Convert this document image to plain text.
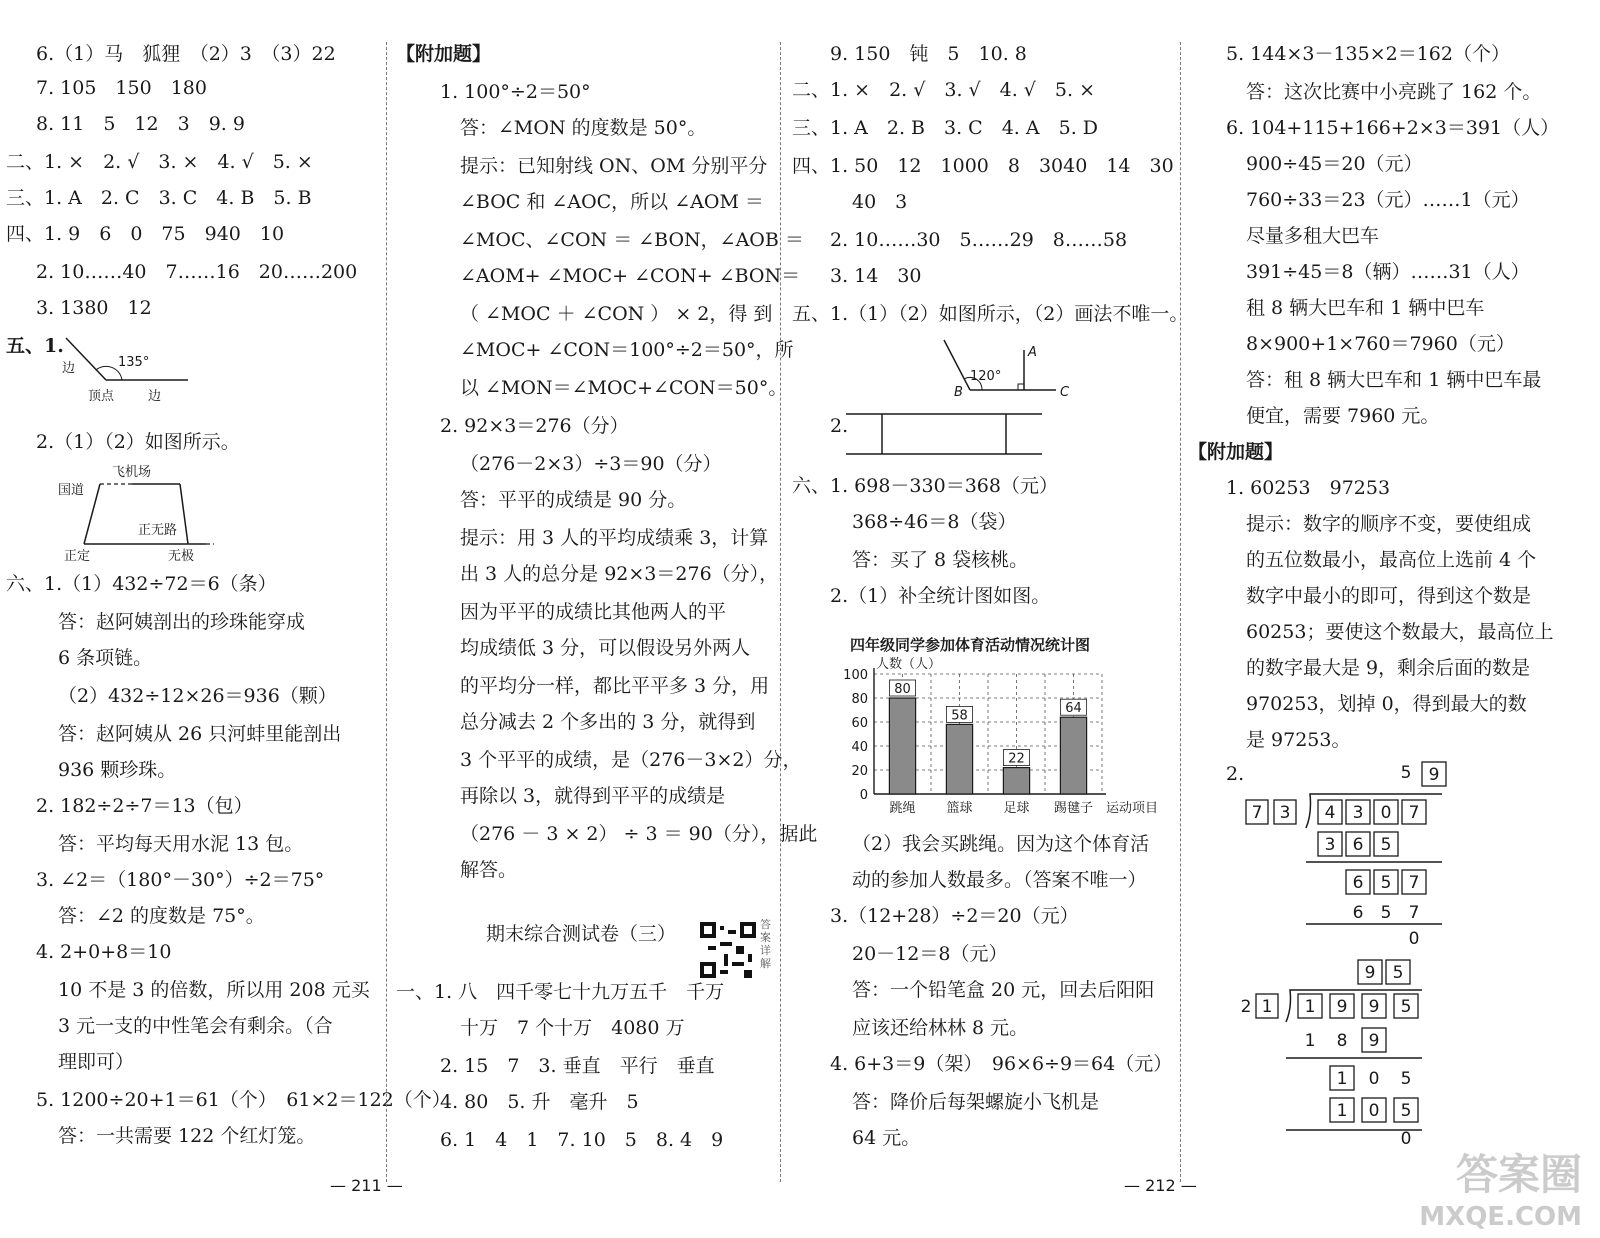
6.（1）马　狐狸　（2）3　（3）22
7. 105　150　180
8. 11　5　12　3　9. 9
二、1. ×　2. √　3. ×　4. √　5. ×
三、1. A　2. C　3. C　4. B　5. B
四、1. 9　6　0　75　940　10
2. 10……40　7……16　20……200
3. 1380　12
五、1.
2.（1）（2）如图所示。
六、1.（1）432÷72＝6（条）
答：赵阿姨剖出的珍珠能穿成
6 条项链。
（2）432÷12×26＝936（颗）
答：赵阿姨从 26 只河蚌里能剖出
936 颗珍珠。
2. 182÷2÷7＝13（包）
答：平均每天用水泥 13 包。
3. ∠2＝（180°－30°）÷2＝75°
答：∠2 的度数是 75°。
4. 2+0+8＝10
10 不是 3 的倍数，所以用 208 元买
3 元一支的中性笔会有剩余。（合
理即可）
5. 1200÷20+1＝61（个）　61×2＝122（个）
答：一共需要 122 个红灯笼。
135°
边
顶点	边
飞机场
国道
正无路
正定	无极
【附加题】
1. 100°÷2＝50°
答：∠MON 的度数是 50°。
提示：已知射线 ON、OM 分别平分
∠BOC 和 ∠AOC，所以 ∠AOM ＝
∠MOC、∠CON ＝ ∠BON，∠AOB ＝
∠AOM+ ∠MOC+ ∠CON+ ∠BON＝
（ ∠MOC ＋ ∠CON ） × 2，得 到
∠MOC+ ∠CON＝100°÷2＝50°，所
以 ∠MON＝∠MOC+∠CON＝50°。
2. 92×3＝276（分）
（276－2×3）÷3＝90（分）
答：平平的成绩是 90 分。
提示：用 3 人的平均成绩乘 3，计算
出 3 人的总分是 92×3＝276（分），
因为平平的成绩比其他两人的平
均成绩低 3 分，可以假设另外两人
的平均分一样，都比平平多 3 分，用
总分减去 2 个多出的 3 分，就得到
3 个平平的成绩，是（276－3×2）分，
再除以 3，就得到平平的成绩是
（276 － 3 × 2） ÷ 3 ＝ 90（分），据此
解答。
期末综合测试卷（三）
一、1. 八　四千零七十九万五千　千万
十万　7 个十万　4080 万
2. 15　7　3. 垂直　平行　垂直
4. 80　5. 升　毫升　5
6. 1　4　1　7. 10　5　8. 4　9
答
案
详
解
9. 150　钝　5　10. 8
二、1. ×　2. √　3. √　4. √　5. ×
三、1. A　2. B　3. C　4. A　5. D
四、1. 50　12　1000　8　3040　14　30
40　3
2. 10……30　5……29　8……58
3. 14　30
五、1.（1）（2）如图所示，（2）画法不唯一。
2.
六、1. 698－330＝368（元）
368÷46＝8（袋）
答：买了 8 袋核桃。
2.（1）补全统计图如图。
（2）我会买跳绳。因为这个体育活
动的参加人数最多。（答案不唯一）
3.（12+28）÷2＝20（元）
20－12＝8（元）
答：一个铅笔盒 20 元，回去后阳阳
应该还给林林 8 元。
4. 6+3＝9（架）　96×6÷9＝64（元）
答：降价后每架螺旋小飞机是
64 元。
120°
A
B	C
四年级同学参加体育活动情况统计图
人数（人）
运动项目
0
20
40
60
80
100
80
跳绳
58
篮球
22
足球
64
踢毽子
5. 144×3－135×2＝162（个）
答：这次比赛中小亮跳了 162 个。
6. 104+115+166+2×3＝391（人）
900÷45＝20（元）
760÷33＝23（元）……1（元）
尽量多租大巴车
391÷45＝8（辆）……31（人）
租 8 辆大巴车和 1 辆中巴车
8×900+1×760＝7960（元）
答：租 8 辆大巴车和 1 辆中巴车最
便宜，需要 7960 元。
【附加题】
1. 60253　97253
提示：数字的顺序不变，要使组成
的五位数最小，最高位上选前 4 个
数字中最小的即可，得到这个数是
60253；要使这个数最大，最高位上
的数字最大是 9，剩余后面的数是
970253，划掉 0，得到最大的数
是 97253。
2.	5 9
7 3 4 3 0 7
3 6 5
6 5 7
6 5 7
0
9 5
2 1 1 9 9 5
1 8 9
1 0 5
1 0 5
0
— 211 —	— 212 —	答案圈
MXQE.COM
